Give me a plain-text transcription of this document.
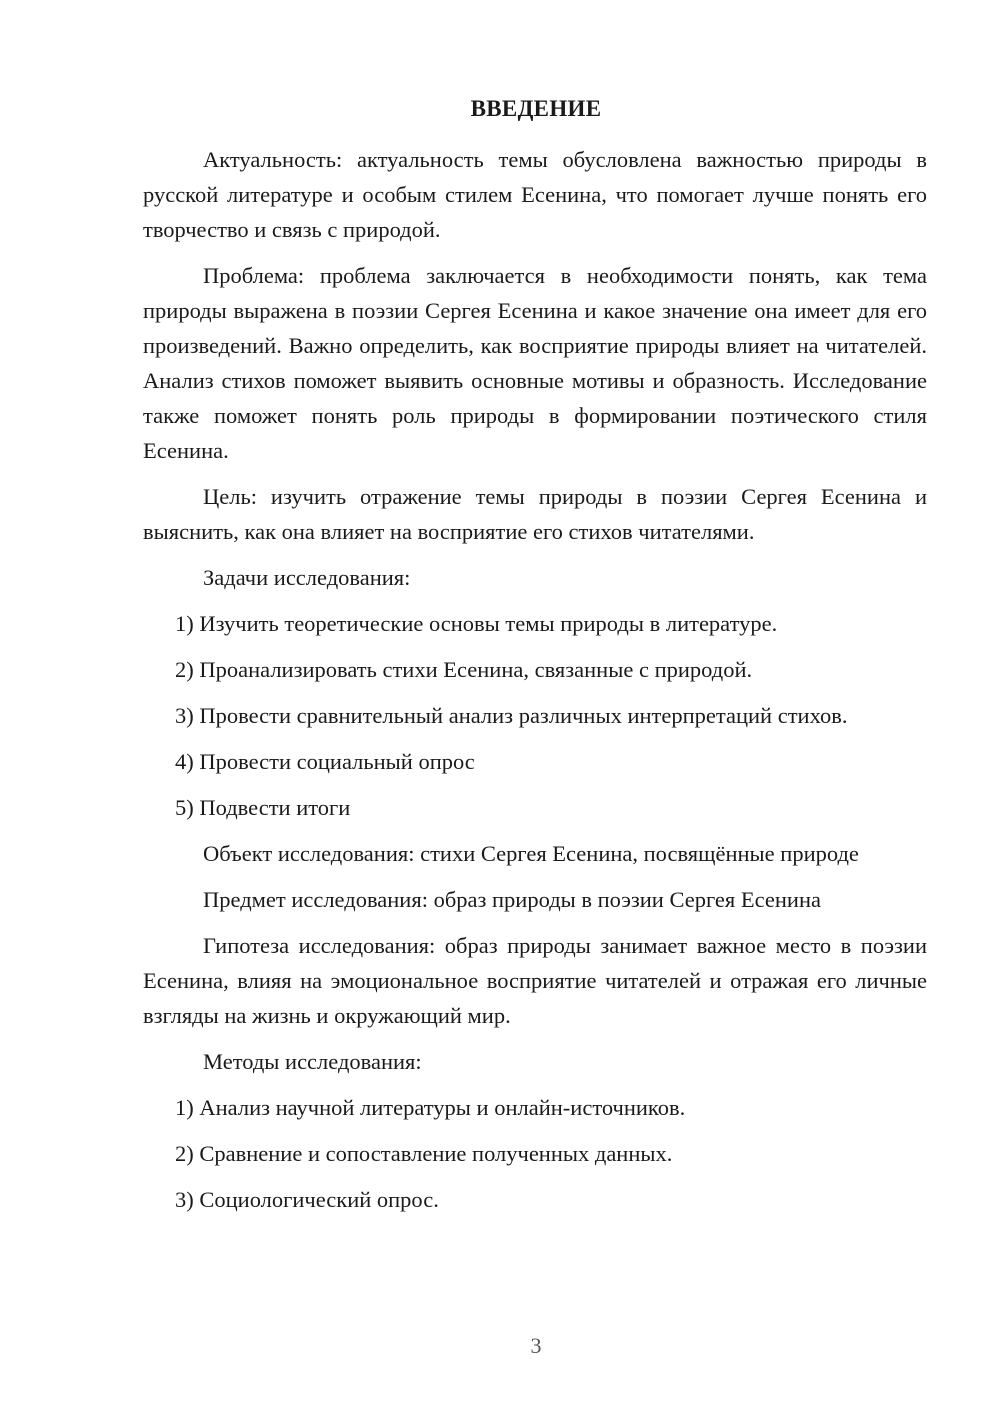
ВВЕДЕНИЕ

Актуальность: актуальность темы обусловлена важностью природы в русской литературе и особым стилем Есенина, что помогает лучше понять его творчество и связь с природой.

Проблема: проблема заключается в необходимости понять, как тема природы выражена в поэзии Сергея Есенина и какое значение она имеет для его произведений. Важно определить, как восприятие природы влияет на читателей. Анализ стихов поможет выявить основные мотивы и образность. Исследование также поможет понять роль природы в формировании поэтического стиля Есенина.

Цель: изучить отражение темы природы в поэзии Сергея Есенина и выяснить, как она влияет на восприятие его стихов читателями.

Задачи исследования:

1) Изучить теоретические основы темы природы в литературе.

2) Проанализировать стихи Есенина, связанные с природой.

3) Провести сравнительный анализ различных интерпретаций стихов.

4) Провести социальный опрос

5) Подвести итоги

Объект исследования: стихи Сергея Есенина, посвящённые природе

Предмет исследования: образ природы в поэзии Сергея Есенина

Гипотеза исследования: образ природы занимает важное место в поэзии Есенина, влияя на эмоциональное восприятие читателей и отражая его личные взгляды на жизнь и окружающий мир.

Методы исследования:

1) Анализ научной литературы и онлайн-источников.

2) Сравнение и сопоставление полученных данных.

3) Социологический опрос.

3
